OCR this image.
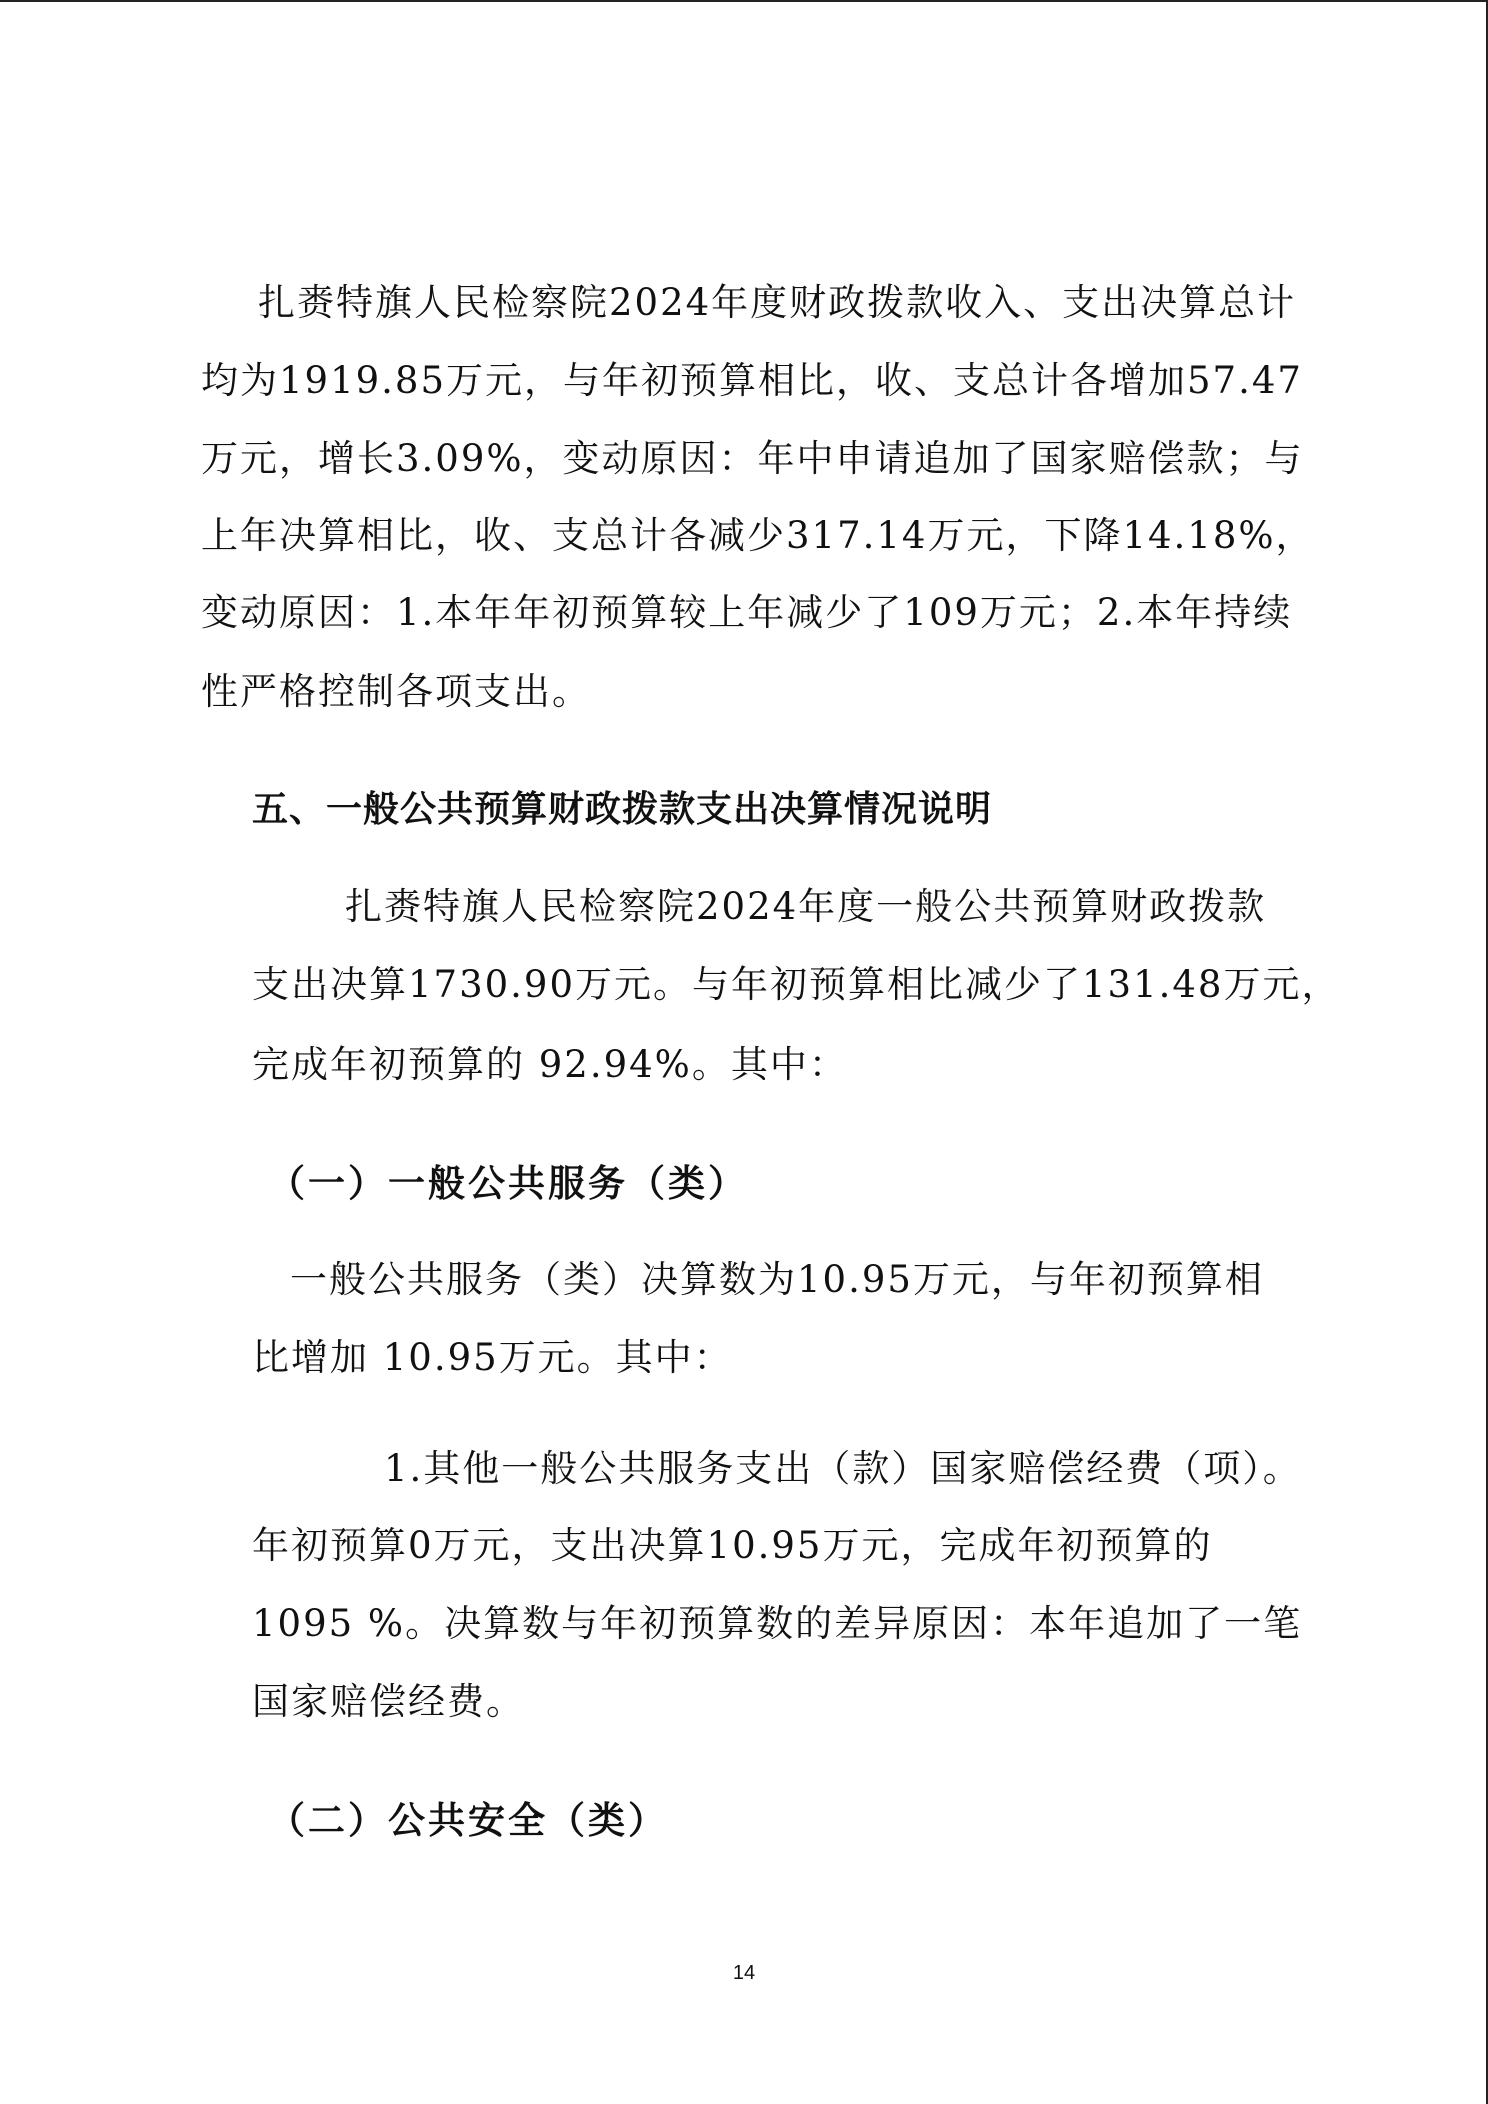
扎赉特旗人民检察院2024年度财政拨款收入、支出决算总计
均为1919.85万元，与年初预算相比，收、支总计各增加57.47
万元，增长3.09%，变动原因：年中申请追加了国家赔偿款；与
上年决算相比，收、支总计各减少317.14万元，下降14.18%，
变动原因：1.本年年初预算较上年减少了109万元；2.本年持续
性严格控制各项支出。
五、一般公共预算财政拨款支出决算情况说明
扎赉特旗人民检察院2024年度一般公共预算财政拨款
支出决算1730.90万元。与年初预算相比减少了131.48万元，
完成年初预算的 92.94%。其中：
（一）一般公共服务（类）
一般公共服务（类）决算数为10.95万元，与年初预算相
比增加 10.95万元。其中：
1.其他一般公共服务支出（款）国家赔偿经费（项）。
年初预算0万元，支出决算10.95万元，完成年初预算的
1095 %。决算数与年初预算数的差异原因：本年追加了一笔
国家赔偿经费。
（二）公共安全（类）
14
